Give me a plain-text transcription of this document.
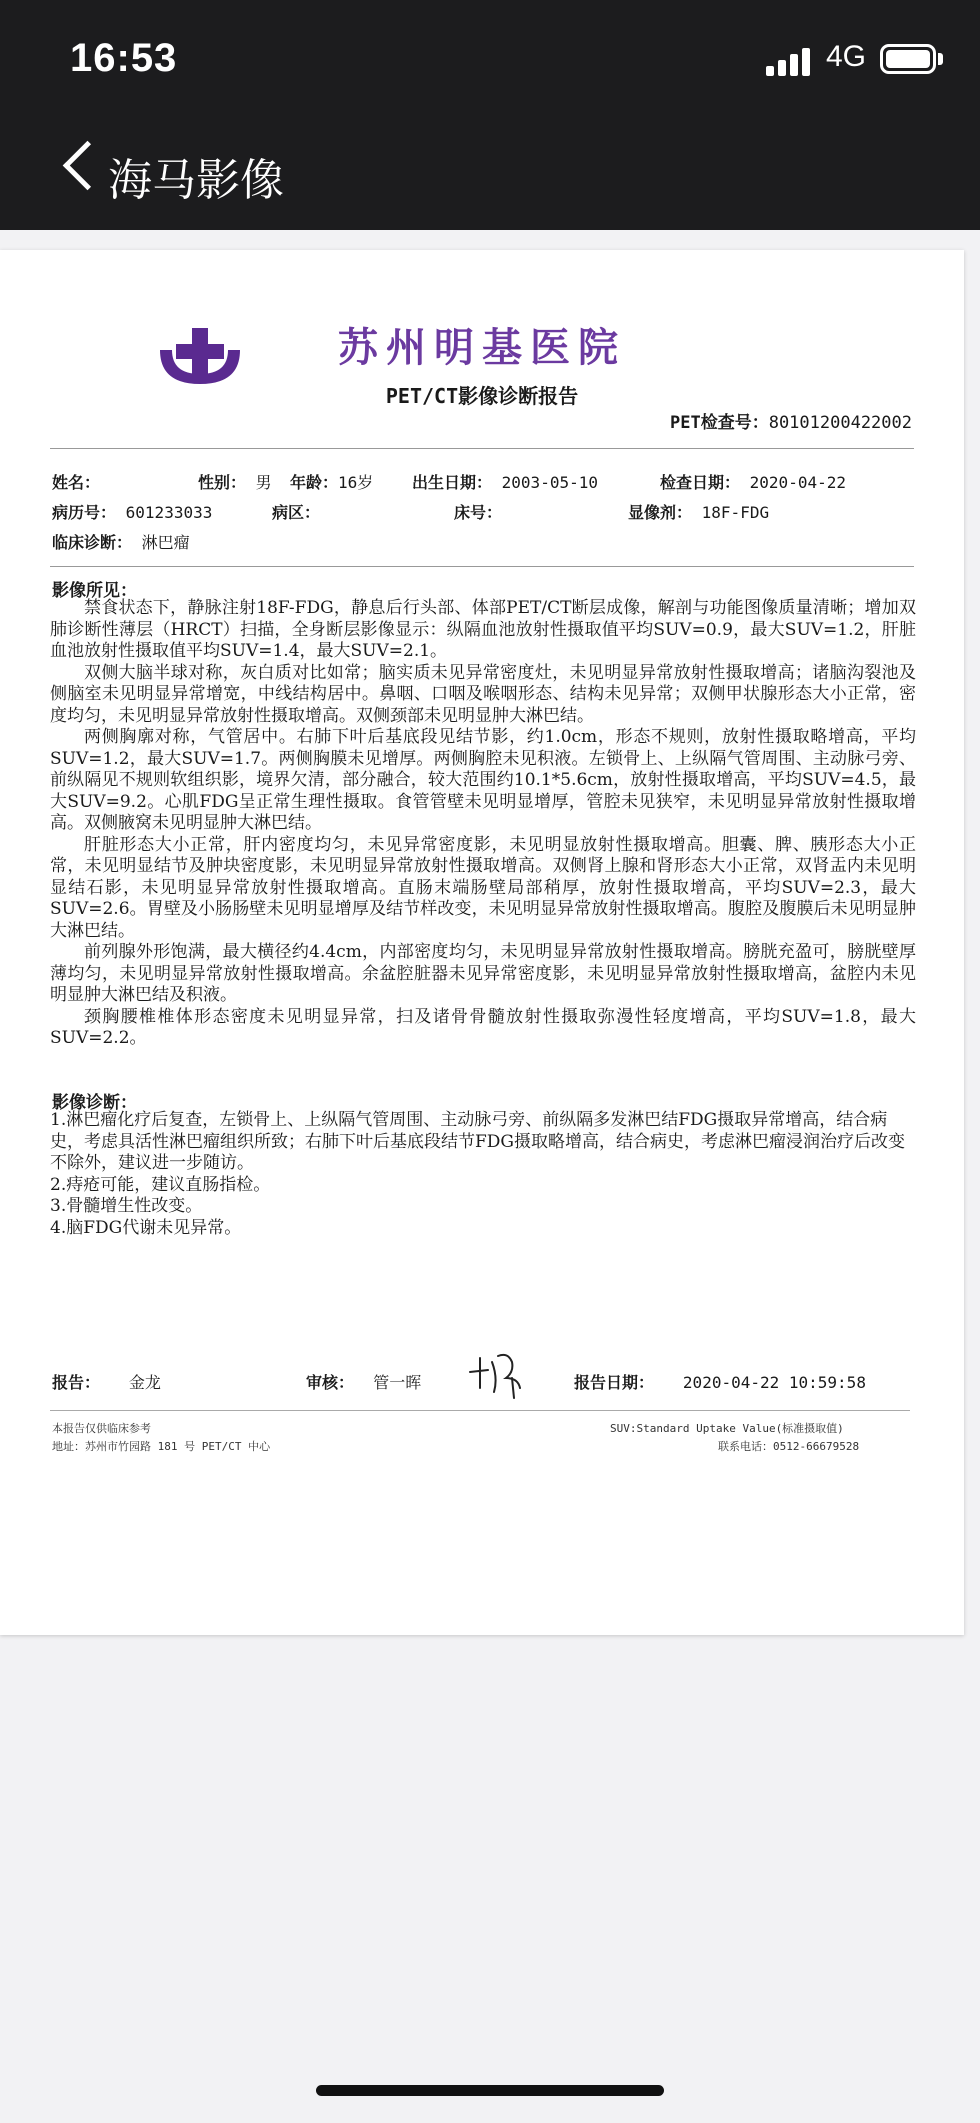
16:53	4G
海马影像
苏州明基医院
PET/CT影像诊断报告
PET检查号：80101200422002
姓名：	性别： 男 年龄：16岁 出生日期： 2003-05-10	检查日期： 2020-04-22
病历号： 601233033	病区：	床号：	显像剂： 18F-FDG
临床诊断： 淋巴瘤
影像所见：

禁食状态下，静脉注射18F-FDG，静息后行头部、体部PET/CT断层成像，解剖与功能图像质量清晰；增加双肺诊断性薄层（HRCT）扫描，全身断层影像显示：纵隔血池放射性摄取值平均SUV=0.9，最大SUV=1.2，肝脏血池放射性摄取值平均SUV=1.4，最大SUV=2.1。

双侧大脑半球对称，灰白质对比如常；脑实质未见异常密度灶，未见明显异常放射性摄取增高；诸脑沟裂池及侧脑室未见明显异常增宽，中线结构居中。鼻咽、口咽及喉咽形态、结构未见异常；双侧甲状腺形态大小正常，密度均匀，未见明显异常放射性摄取增高。双侧颈部未见明显肿大淋巴结。

两侧胸廓对称，气管居中。右肺下叶后基底段见结节影，约1.0cm，形态不规则，放射性摄取略增高，平均SUV=1.2，最大SUV=1.7。两侧胸膜未见增厚。两侧胸腔未见积液。左锁骨上、上纵隔气管周围、主动脉弓旁、前纵隔见不规则软组织影，境界欠清，部分融合，较大范围约10.1*5.6cm，放射性摄取增高，平均SUV=4.5，最大SUV=9.2。心肌FDG呈正常生理性摄取。食管管壁未见明显增厚，管腔未见狭窄，未见明显异常放射性摄取增高。双侧腋窝未见明显肿大淋巴结。

肝脏形态大小正常，肝内密度均匀，未见异常密度影，未见明显放射性摄取增高。胆囊、脾、胰形态大小正常，未见明显结节及肿块密度影，未见明显异常放射性摄取增高。双侧肾上腺和肾形态大小正常，双肾盂内未见明显结石影，未见明显异常放射性摄取增高。直肠末端肠壁局部稍厚，放射性摄取增高，平均SUV=2.3，最大SUV=2.6。胃壁及小肠肠壁未见明显增厚及结节样改变，未见明显异常放射性摄取增高。腹腔及腹膜后未见明显肿大淋巴结。

前列腺外形饱满，最大横径约4.4cm，内部密度均匀，未见明显异常放射性摄取增高。膀胱充盈可，膀胱壁厚薄均匀，未见明显异常放射性摄取增高。余盆腔脏器未见异常密度影，未见明显异常放射性摄取增高，盆腔内未见明显肿大淋巴结及积液。

颈胸腰椎椎体形态密度未见明显异常，扫及诸骨骨髓放射性摄取弥漫性轻度增高，平均SUV=1.8，最大SUV=2.2。

影像诊断：
1.淋巴瘤化疗后复查，左锁骨上、上纵隔气管周围、主动脉弓旁、前纵隔多发淋巴结FDG摄取异常增高，结合病史，考虑具活性淋巴瘤组织所致；右肺下叶后基底段结节FDG摄取略增高，结合病史，考虑淋巴瘤浸润治疗后改变不除外，建议进一步随访。
2.痔疮可能，建议直肠指检。
3.骨髓增生性改变。
4.脑FDG代谢未见异常。
报告： 金龙	审核： 管一晖	报告日期： 2020-04-22 10:59:58
本报告仅供临床参考
地址：苏州市竹园路 181 号 PET/CT 中心
SUV:Standard Uptake Value(标准摄取值)
联系电话：0512-66679528
